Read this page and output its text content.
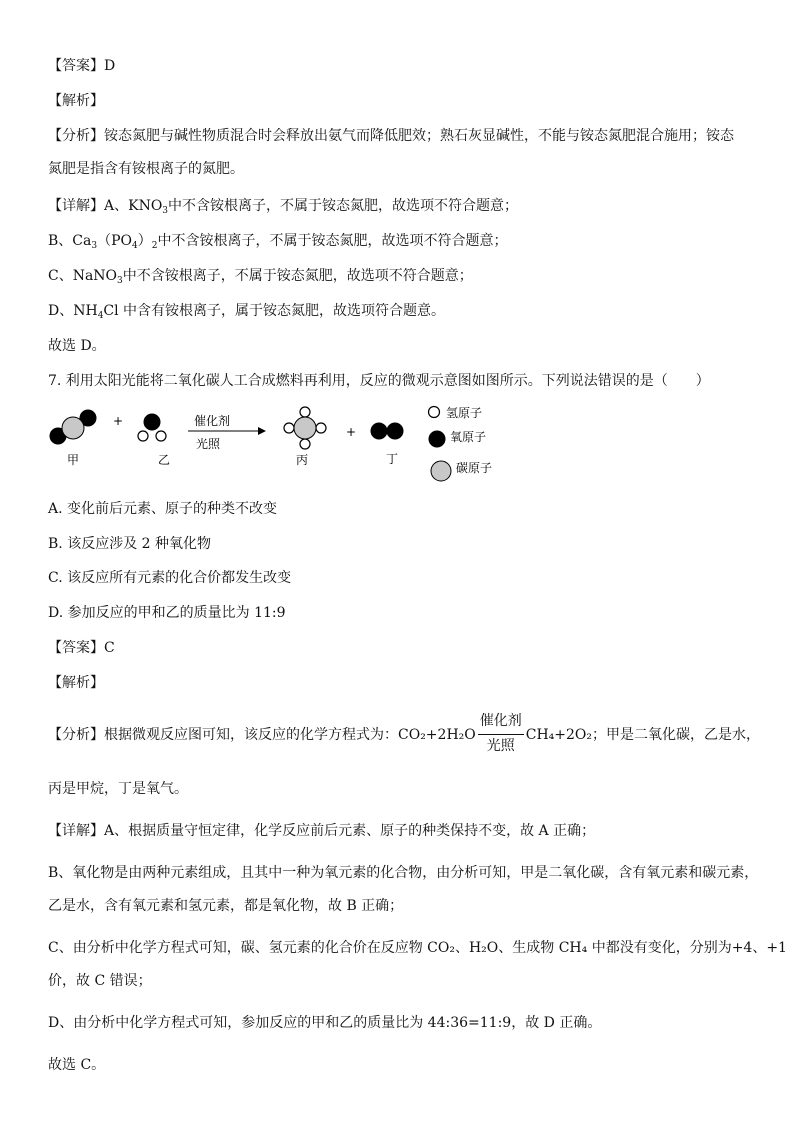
【答案】D
【解析】
【分析】铵态氮肥与碱性物质混合时会释放出氨气而降低肥效；熟石灰显碱性，不能与铵态氮肥混合施用；铵态
氮肥是指含有铵根离子的氮肥。
【详解】A、$KNO_3$中不含铵根离子，不属于铵态氮肥，故选项不符合题意；
B、$Ca_3(PO_4)_2$中不含铵根离子，不属于铵态氮肥，故选项不符合题意；
C、NaNO$_3$中不含铵根离子，不属于铵态氮肥，故选项不符合题意；
D、$NH_4Cl$ 中含有铵根离子，属于铵态氮肥，故选项符合题意。
故选 D。
7. 利用太阳光能将二氧化碳人工合成燃料再利用，反应的微观示意图如图所示。下列说法错误的是（　　）
甲
+
乙
催化剂
光照
丙
+
丁
氢原子
氧原子
碳原子
A. 变化前后元素、原子的种类不改变
B. 该反应涉及 2 种氧化物
C. 该反应所有元素的化合价都发生改变
D. 参加反应的甲和乙的质量比为 11:9
【答案】C
【解析】
【分析】根据微观反应图可知，该反应的化学方程式为：CO₂+2H₂O
催化剂
光照
CH₄+2O₂；甲是二氧化碳，乙是水，
丙是甲烷，丁是氧气。
【详解】A、根据质量守恒定律，化学反应前后元素、原子的种类保持不变，故 A 正确；
B、氧化物是由两种元素组成，且其中一种为氧元素的化合物，由分析可知，甲是二氧化碳，含有氧元素和碳元素，
乙是水，含有氧元素和氢元素，都是氧化物，故 B 正确；
C、由分析中化学方程式可知，碳、氢元素的化合价在反应物 CO₂、H₂O、生成物 CH₄ 中都没有变化，分别为+4、+1
价，故 C 错误；
D、由分析中化学方程式可知，参加反应的甲和乙的质量比为 44:36=11:9，故 D 正确。
故选 C。
